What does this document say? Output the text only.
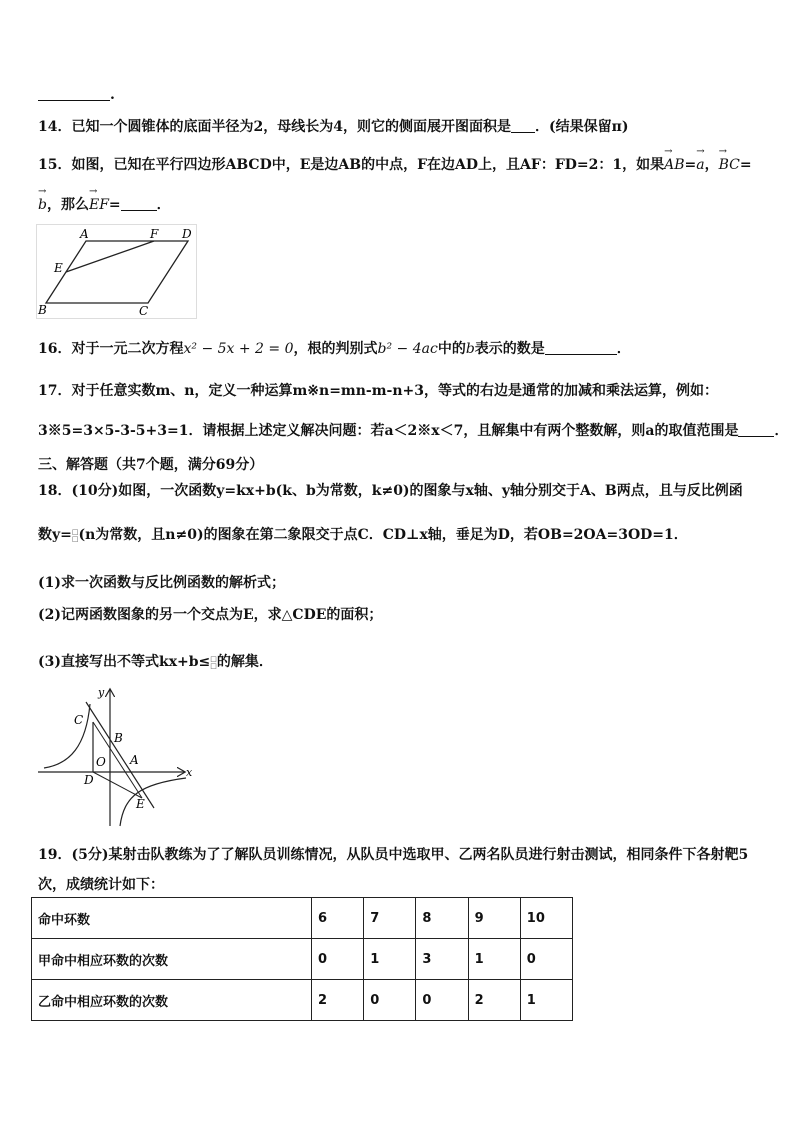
.
14．已知一个圆锥体的底面半径为2，母线长为4，则它的侧面展开图面积是 ．(结果保留π)
15．如图，已知在平行四边形ABCD中，E是边AB的中点，F在边AD上，且AF：FD=2：1，如果→ AB=→ a，→ BC=
→ b，那么→ EF=	．
A	F D
E
B	C
16．对于一元二次方程x² − 5x + 2 = 0，根的判别式b² − 4ac中的b表示的数是	．
17．对于任意实数m、n，定义一种运算m※n=mn-m-n+3，等式的右边是通常的加减和乘法运算，例如：
3※5=3×5-3-5+3=1．请根据上述定义解决问题：若a＜2※x＜7，且解集中有两个整数解，则a的取值范围是	．
三、解答题（共7个题，满分69分）
18．(10分)如图，一次函数y=kx+b(k、b为常数，k≠0)的图象与x轴、y轴分别交于A、B两点，且与反比例函
数y=□
□(n为常数，且n≠0)的图象在第二象限交于点C．CD⊥x轴，垂足为D，若OB=2OA=3OD=1．
(1)求一次函数与反比例函数的解析式；
(2)记两函数图象的另一个交点为E，求△CDE的面积；
(3)直接写出不等式kx+b≤□
□的解集．
y
x
C
B
A
O
D
E
19．(5分)某射击队教练为了了解队员训练情况，从队员中选取甲、乙两名队员进行射击测试，相同条件下各射靶5
次，成绩统计如下：
命中环数	6	7	8	9	10
甲命中相应环数的次数	0	1	3	1	0
乙命中相应环数的次数	2	0	0	2	1
